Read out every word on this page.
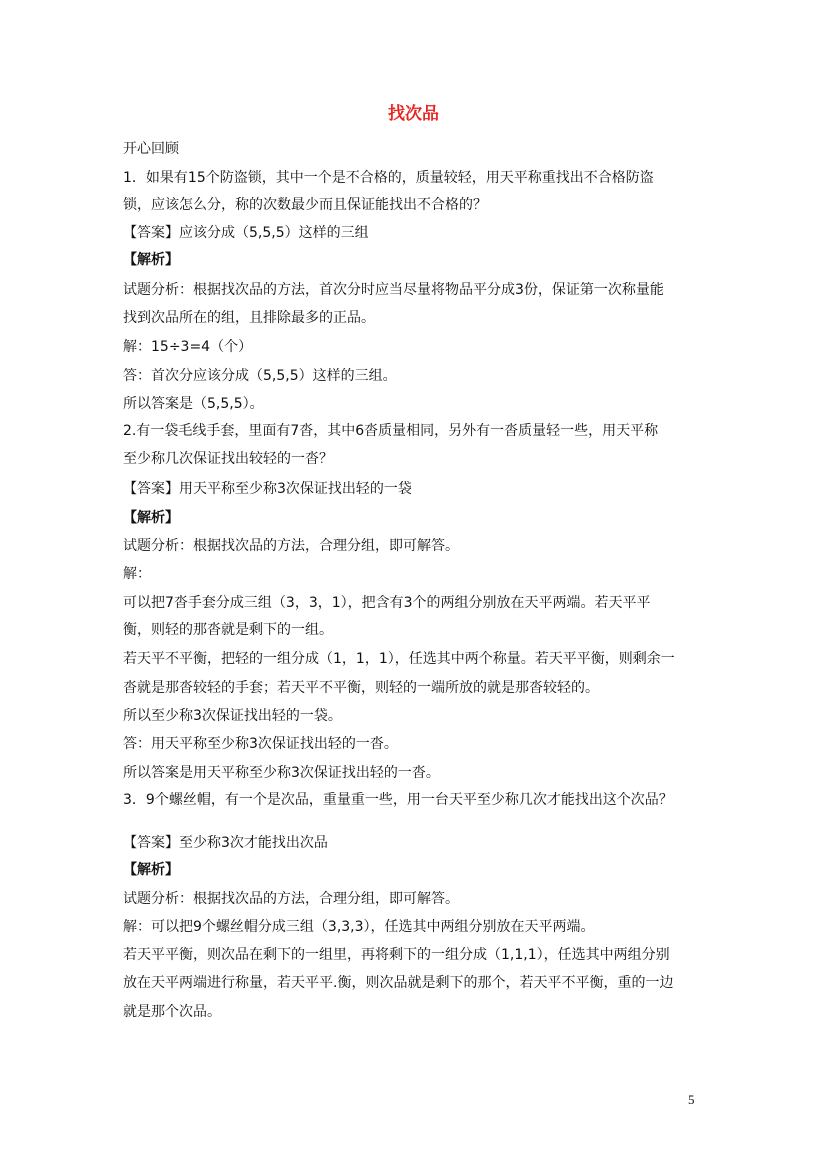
找次品
开心回顾
1．如果有15个防盗锁，其中一个是不合格的，质量较轻，用天平称重找出不合格防盗
锁，应该怎么分，称的次数最少而且保证能找出不合格的？
【答案】应该分成（5,5,5）这样的三组
【解析】
试题分析：根据找次品的方法，首次分时应当尽量将物品平分成3份，保证第一次称量能
找到次品所在的组，且排除最多的正品。
解：15÷3=4（个）
答：首次分应该分成（5,5,5）这样的三组。
所以答案是（5,5,5）。
2.有一袋毛线手套，里面有7沓，其中6沓质量相同，另外有一沓质量轻一些，用天平称
至少称几次保证找出较轻的一沓？
【答案】用天平称至少称3次保证找出轻的一袋
【解析】
试题分析：根据找次品的方法，合理分组，即可解答。
解：
可以把7沓手套分成三组（3，3，1），把含有3个的两组分别放在天平两端。若天平平
衡，则轻的那沓就是剩下的一组。
若天平不平衡，把轻的一组分成（1，1，1），任选其中两个称量。若天平平衡，则剩余一
沓就是那沓较轻的手套；若天平不平衡，则轻的一端所放的就是那沓较轻的。
所以至少称3次保证找出轻的一袋。
答：用天平称至少称3次保证找出轻的一沓。
所以答案是用天平称至少称3次保证找出轻的一沓。
3．9个螺丝帽，有一个是次品，重量重一些，用一台天平至少称几次才能找出这个次品？
【答案】至少称3次才能找出次品
【解析】
试题分析：根据找次品的方法，合理分组，即可解答。
解：可以把9个螺丝帽分成三组（3,3,3），任选其中两组分别放在天平两端。
若天平平衡，则次品在剩下的一组里，再将剩下的一组分成（1,1,1），任选其中两组分别
放在天平两端进行称量，若天平平.衡，则次品就是剩下的那个，若天平不平衡，重的一边
就是那个次品。
5
